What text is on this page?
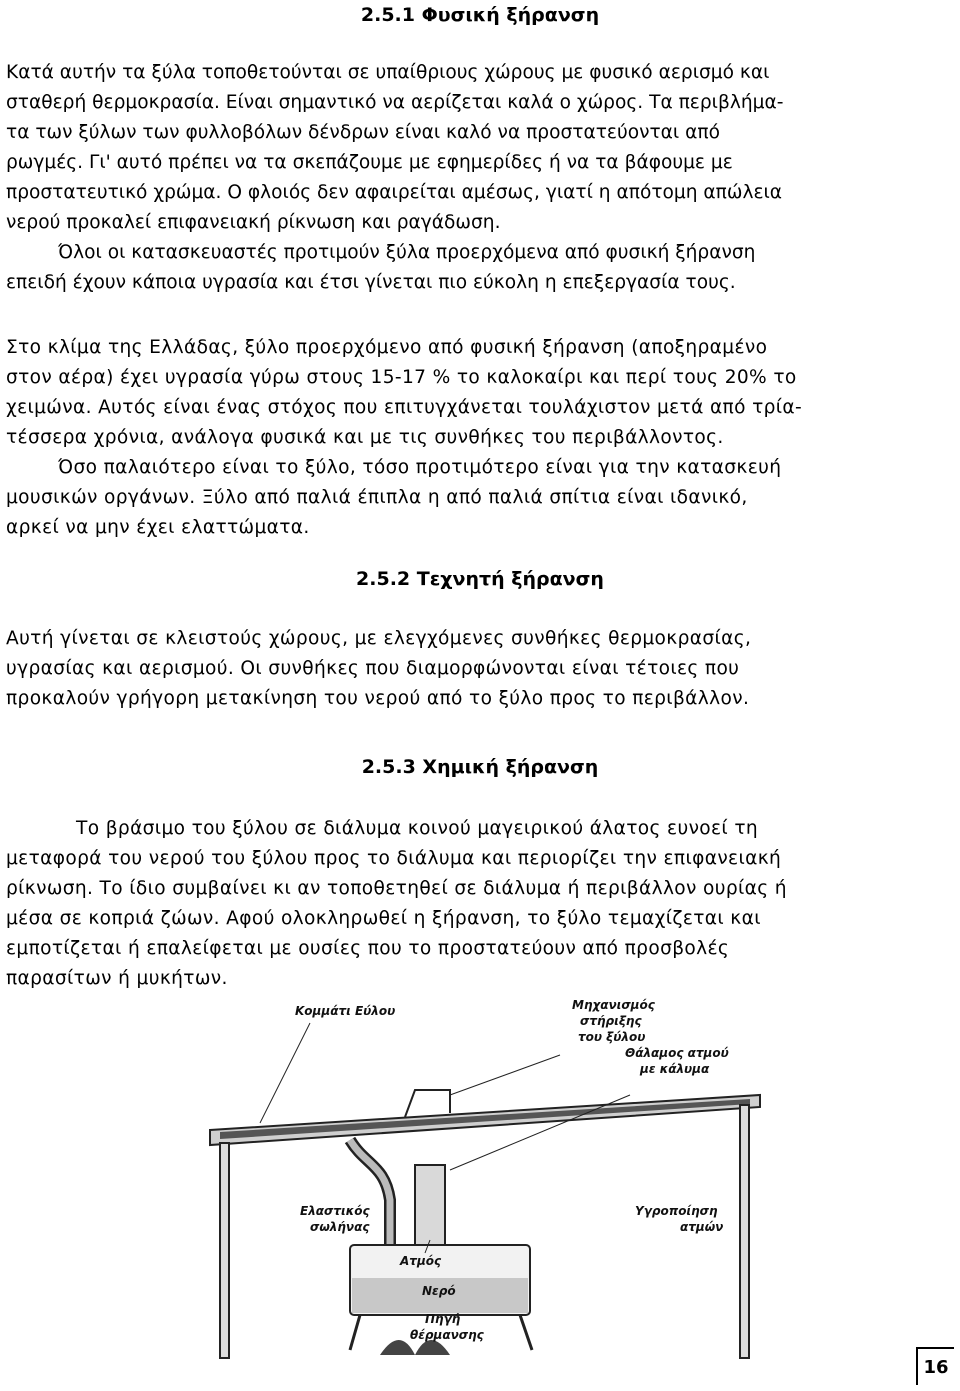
2.5.1 Φυσική ξήρανση
Κατά αυτήν τα ξύλα τοποθετούνται σε υπαίθριους χώρους με φυσικό αερισμό και
σταθερή θερμοκρασία. Είναι σημαντικό να αερίζεται καλά ο χώρος. Τα περιβλήμα-
τα των ξύλων των φυλλοβόλων δένδρων είναι καλό να προστατεύονται από
ρωγμές. Γι' αυτό πρέπει να τα σκεπάζουμε με εφημερίδες ή να τα βάφουμε με
προστατευτικό χρώμα. Ο φλοιός δεν αφαιρείται αμέσως, γιατί η απότομη απώλεια
νερού προκαλεί επιφανειακή ρίκνωση και ραγάδωση.
Όλοι οι κατασκευαστές προτιμούν ξύλα προερχόμενα από φυσική ξήρανση
επειδή έχουν κάποια υγρασία και έτσι γίνεται πιο εύκολη η επεξεργασία τους.
Στο κλίμα της Ελλάδας, ξύλο προερχόμενο από φυσική ξήρανση (αποξηραμένο
στον αέρα) έχει υγρασία γύρω στους 15-17 % το καλοκαίρι και περί τους 20% το
χειμώνα. Αυτός είναι ένας στόχος που επιτυγχάνεται τουλάχιστον μετά από τρία-
τέσσερα χρόνια, ανάλογα φυσικά και με τις συνθήκες του περιβάλλοντος.
Όσο παλαιότερο είναι το ξύλο, τόσο προτιμότερο είναι για την κατασκευή
μουσικών οργάνων. Ξύλο από παλιά έπιπλα η από παλιά σπίτια είναι ιδανικό,
αρκεί να μην έχει ελαττώματα.
2.5.2 Τεχνητή ξήρανση
Αυτή γίνεται σε κλειστούς χώρους, με ελεγχόμενες συνθήκες θερμοκρασίας,
υγρασίας και αερισμού. Οι συνθήκες που διαμορφώνονται είναι τέτοιες που
προκαλούν γρήγορη μετακίνηση του νερού από το ξύλο προς το περιβάλλον.
2.5.3 Χημική ξήρανση
Το βράσιμο του ξύλου σε διάλυμα κοινού μαγειρικού άλατος ευνοεί τη
μεταφορά του νερού του ξύλου προς το διάλυμα και περιορίζει την επιφανειακή
ρίκνωση. Το ίδιο συμβαίνει κι αν τοποθετηθεί σε διάλυμα ή περιβάλλον ουρίας ή
μέσα σε κοπριά ζώων. Αφού ολοκληρωθεί η ξήρανση, το ξύλο τεμαχίζεται και
εμποτίζεται ή επαλείφεται με ουσίες που το προστατεύουν από προσβολές
παρασίτων ή μυκήτων.
Κομμάτι Εύλου	Μηχανισμός
στήριξης
του ξύλου
Θάλαμος ατμού
με κάλυμα
Ελαστικός
σωλήνας
Υγροποίηση
ατμών
Ατμός
Νερό
Πηγή
θέρμανσης
16
